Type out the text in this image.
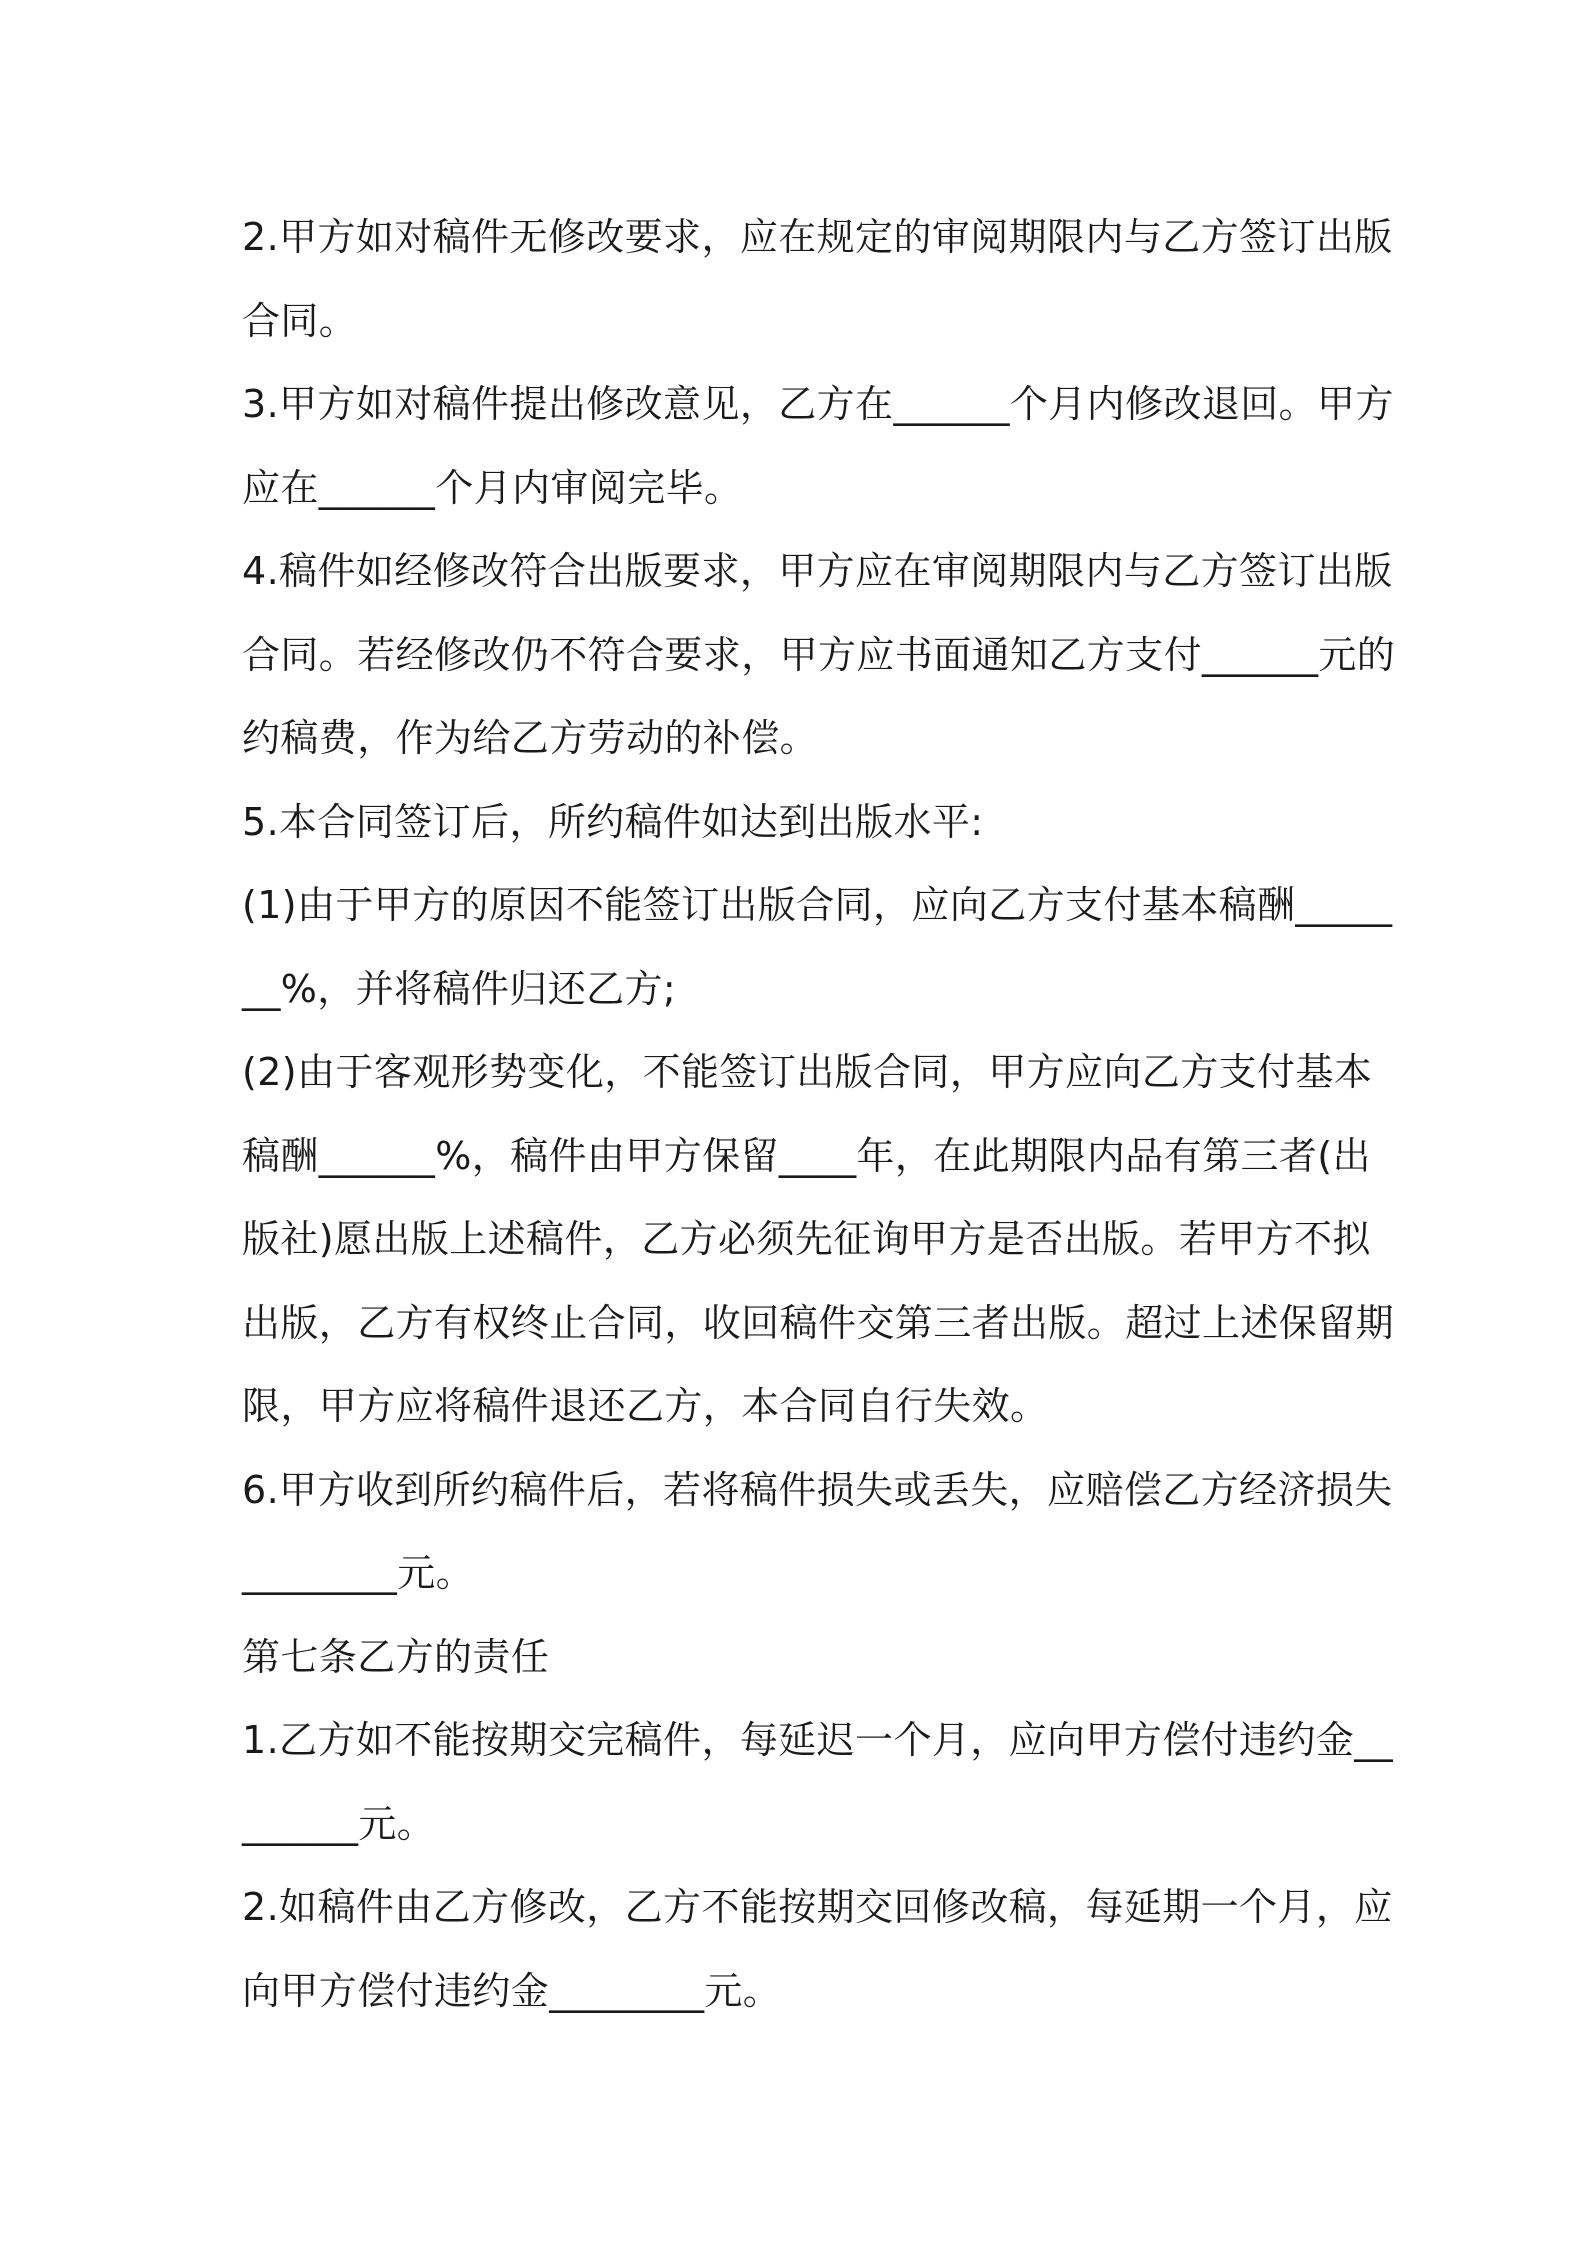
2.甲方如对稿件无修改要求，应在规定的审阅期限内与乙方签订出版
合同。
3.甲方如对稿件提出修改意见，乙方在______个月内修改退回。甲方
应在______个月内审阅完毕。
4.稿件如经修改符合出版要求，甲方应在审阅期限内与乙方签订出版
合同。若经修改仍不符合要求，甲方应书面通知乙方支付______元的
约稿费，作为给乙方劳动的补偿。
5.本合同签订后，所约稿件如达到出版水平:
(1)由于甲方的原因不能签订出版合同，应向乙方支付基本稿酬_____
__%，并将稿件归还乙方;
(2)由于客观形势变化，不能签订出版合同，甲方应向乙方支付基本
稿酬______%，稿件由甲方保留____年，在此期限内品有第三者(出
版社)愿出版上述稿件，乙方必须先征询甲方是否出版。若甲方不拟
出版，乙方有权终止合同，收回稿件交第三者出版。超过上述保留期
限，甲方应将稿件退还乙方，本合同自行失效。
6.甲方收到所约稿件后，若将稿件损失或丢失，应赔偿乙方经济损失
________元。
第七条乙方的责任
1.乙方如不能按期交完稿件，每延迟一个月，应向甲方偿付违约金__
______元。
2.如稿件由乙方修改，乙方不能按期交回修改稿，每延期一个月，应
向甲方偿付违约金________元。
